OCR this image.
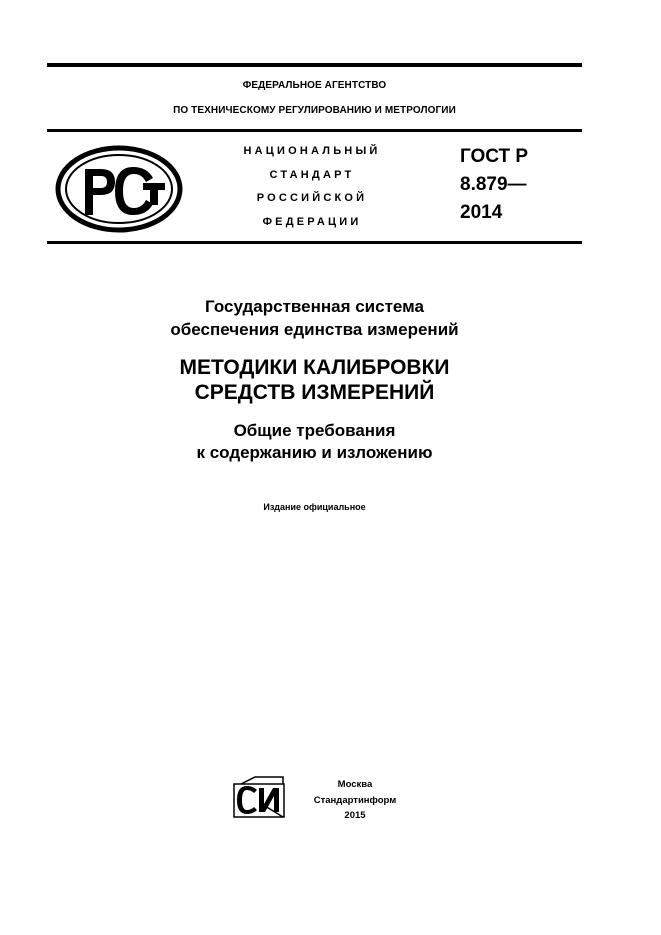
ФЕДЕРАЛЬНОЕ АГЕНТСТВО
ПО ТЕХНИЧЕСКОМУ РЕГУЛИРОВАНИЮ И МЕТРОЛОГИИ
НАЦИОНАЛЬНЫЙ
СТАНДАРТ
РОССИЙСКОЙ
ФЕДЕРАЦИИ
ГОСТ Р
8.879—
2014
Государственная система
обеспечения единства измерений
МЕТОДИКИ КАЛИБРОВКИ
СРЕДСТВ ИЗМЕРЕНИЙ
Общие требования
к содержанию и изложению
Издание официальное
Москва
Стандартинформ
2015
